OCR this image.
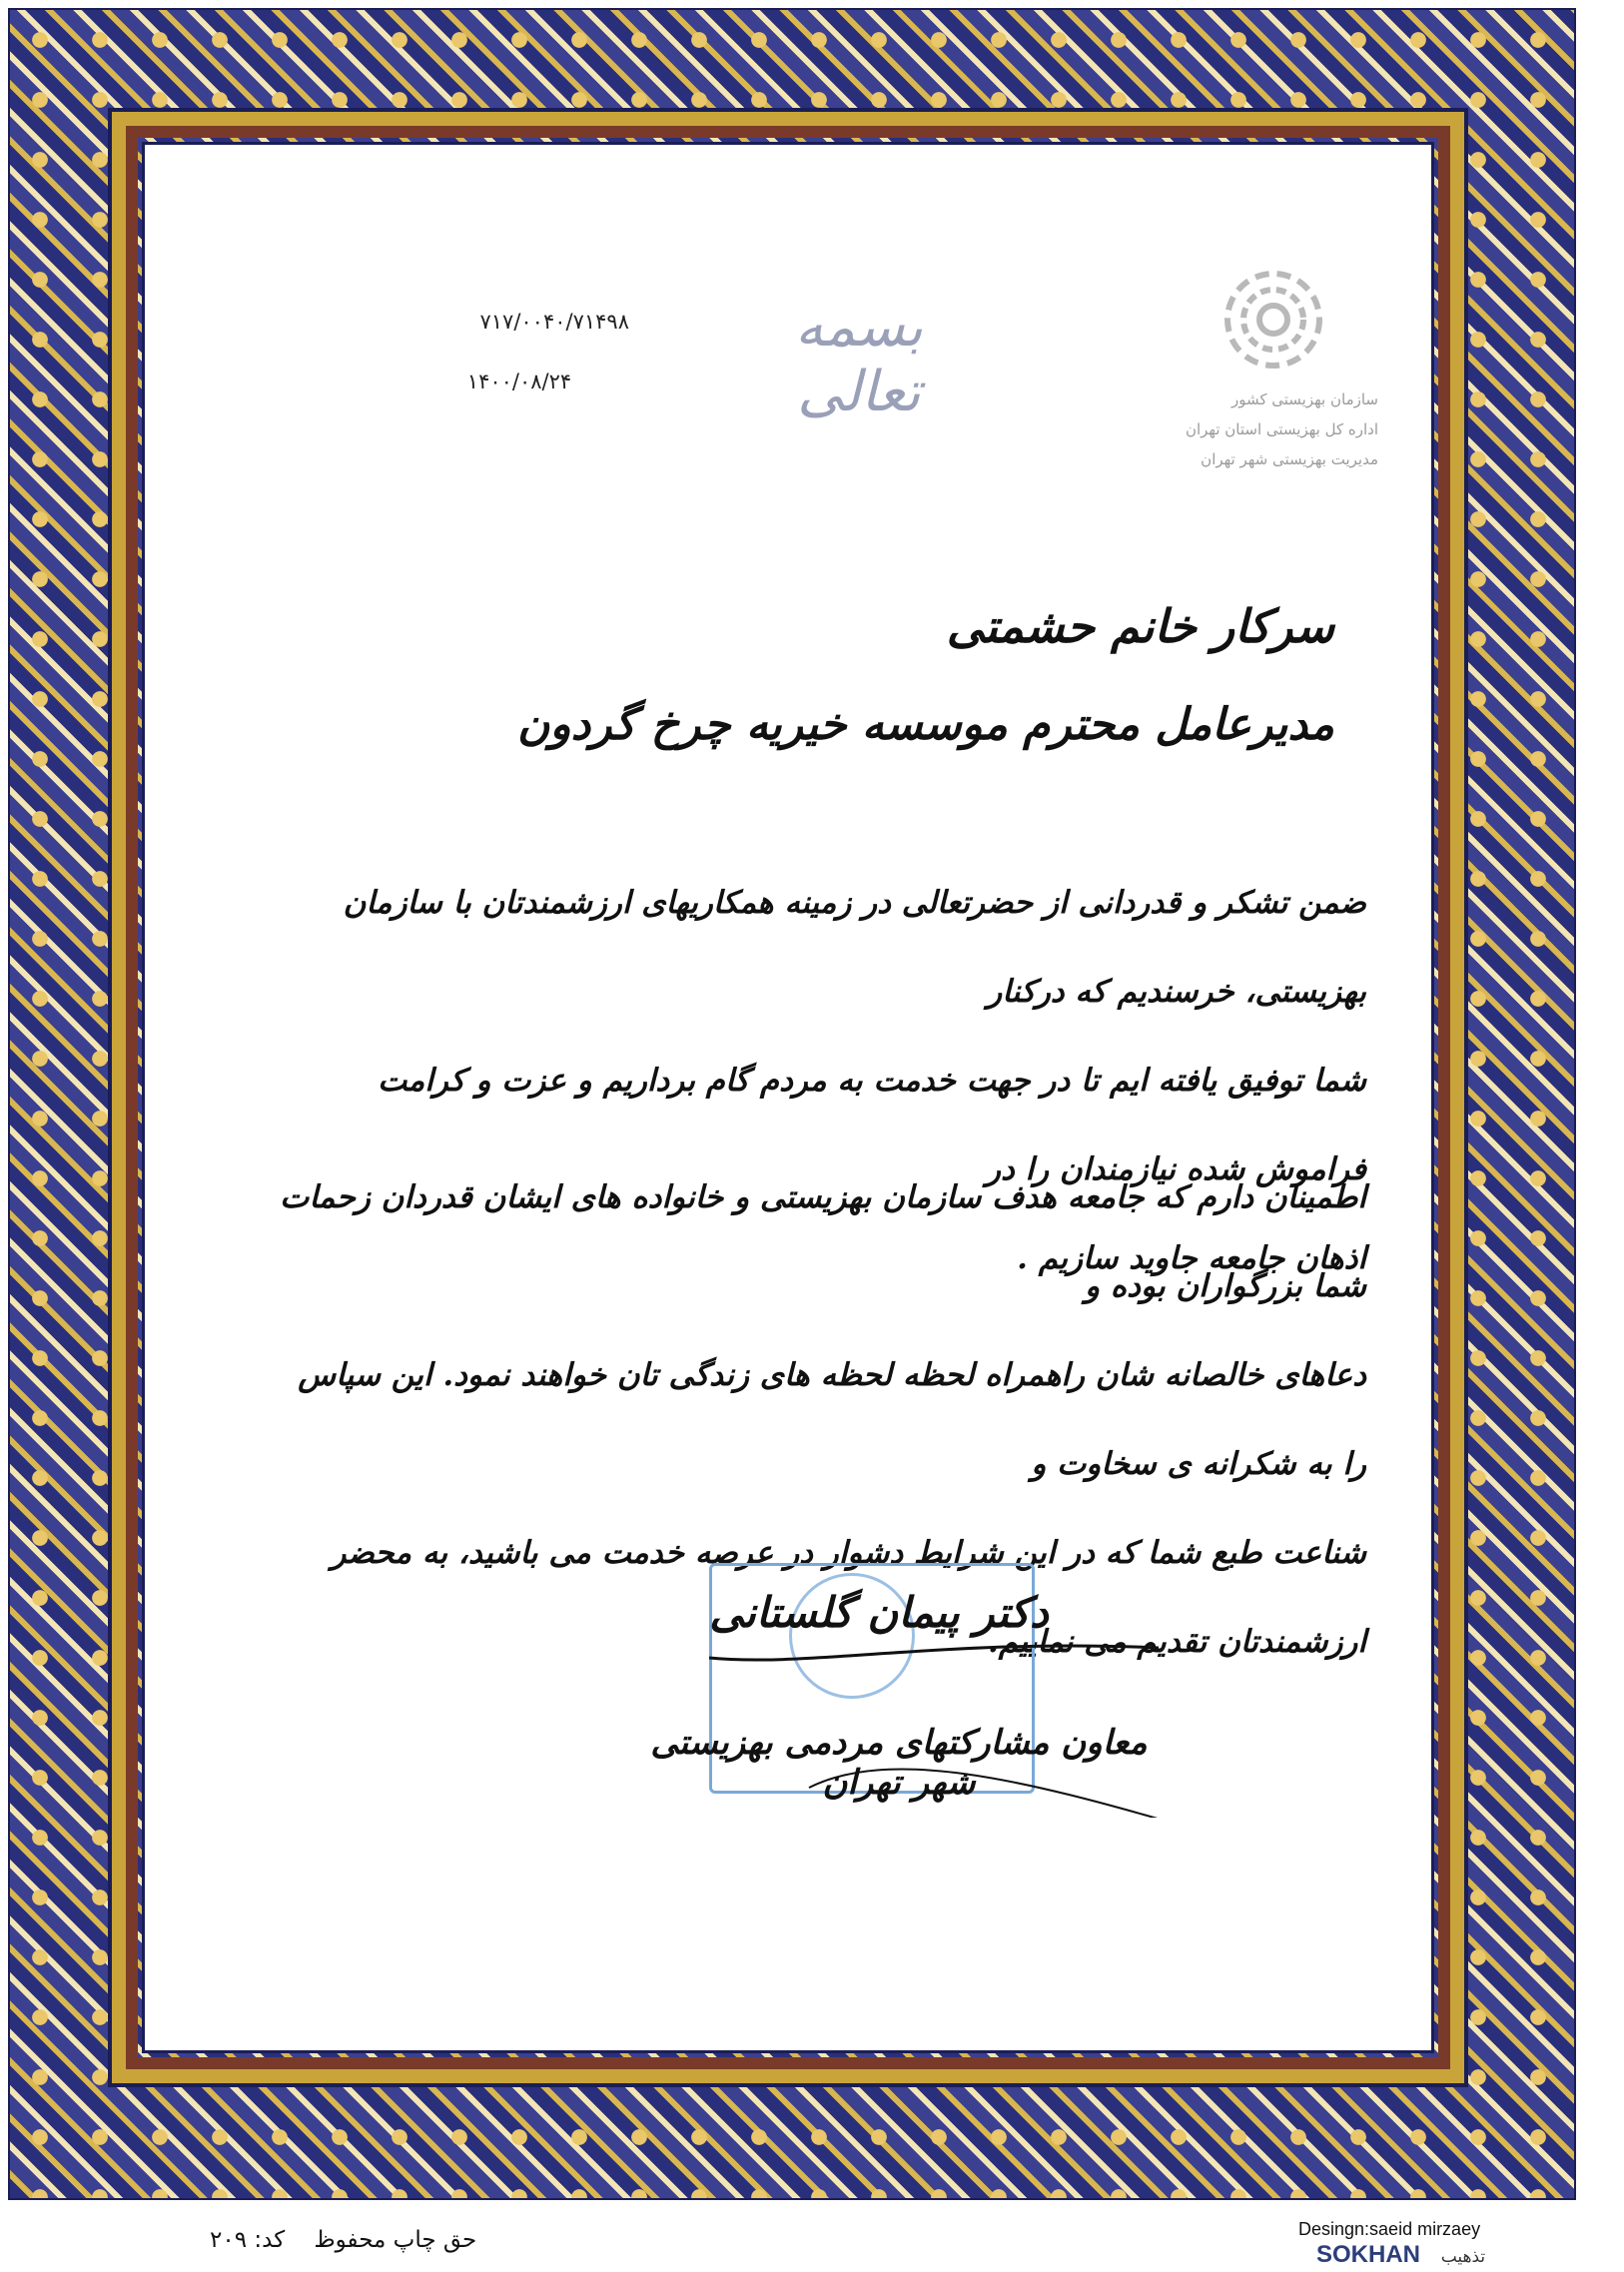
سازمان بهزیستی کشور
اداره کل بهزیستی استان تهران
مدیریت بهزیستی شهر تهران
بسمه تعالی
۷۱۷/۰۰۴۰/۷۱۴۹۸
۱۴۰۰/۰۸/۲۴
سرکار خانم حشمتی
مدیرعامل محترم موسسه خیریه چرخ گردون
ضمن تشکر و قدردانی از حضرتعالی در زمینه همکاریهای ارزشمندتان با سازمان بهزیستی، خرسندیم که درکنار
شما توفیق یافته ایم تا در جهت خدمت به مردم گام برداریم و عزت و کرامت فراموش شده نیازمندان را در
اذهان جامعه جاوید سازیم .
اطمینان دارم که جامعه هدف سازمان بهزیستی و خانواده های ایشان قدردان زحمات شما بزرگواران بوده و
دعاهای خالصانه شان راهمراه لحظه لحظه های زندگی تان خواهند نمود. این سپاس را به شکرانه ی سخاوت و
شناعت طبع شما که در این شرایط دشوار در عرصه خدمت می باشید، به محضر ارزشمندتان تقدیم می نماییم.
دکتر پیمان گلستانی
معاون مشارکتهای مردمی بهزیستی شهر تهران
حق چاپ محفوظ    کد: ۲۰۹	Desingn:saeid mirzaey
SOKHAN تذهیب
